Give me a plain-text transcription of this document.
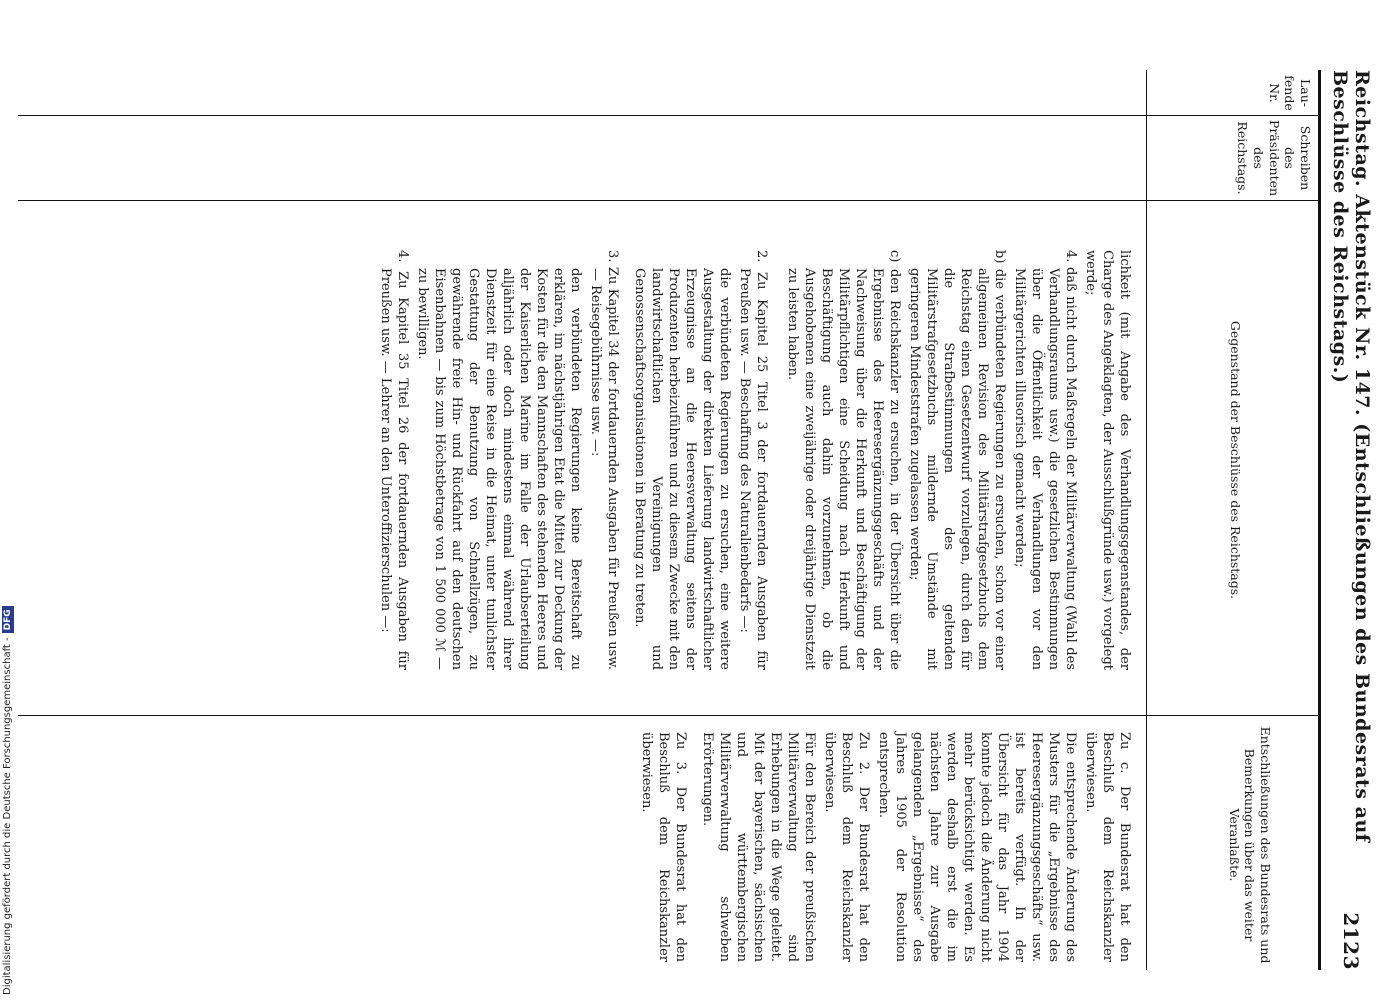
Reichstag. Aktenstück Nr. 147. (Entschließungen des Bundesrats auf Beschlüsse des Reichstags.)
2123
Lau-fende Nr.
Schreiben des Präsidenten des Reichstags.
Gegenstand der Beschlüsse des Reichstags.
Entschließungen des Bundesrats und Bemerkungen über das weiter Veranlaßte.

lichkeit (mit Angabe des Verhandlungsgegenstandes, der Charge des Angeklagten, der Ausschlußgründe usw.) vorgelegt werde;

4. daß nicht durch Maßregeln der Militärverwaltung (Wahl des Verhandlungsraums usw.) die gesetzlichen Bestimmungen über die Öffentlichkeit der Verhandlungen vor den Militärgerichten illusorisch gemacht werden;

b) die verbündeten Regierungen zu ersuchen, schon vor einer allgemeinen Revision des Militärstrafgesetzbuchs dem Reichstag einen Gesetzentwurf vorzulegen, durch den für die Strafbestimmungen des geltenden Militärstrafgesetzbuchs mildernde Umstände mit geringeren Mindeststrafen zugelassen werden;

c) den Reichskanzler zu ersuchen, in der Übersicht über die Ergebnisse des Heeresergänzungsgeschäfts und der Nachweisung über die Herkunft und Beschäftigung der Militärpflichtigen eine Scheidung nach Herkunft und Beschäftigung auch dahin vorzunehmen, ob die Ausgehobenen eine zweijährige oder dreijährige Dienstzeit zu leisten haben.

2. Zu Kapitel 25 Titel 3 der fortdauernden Ausgaben für Preußen usw. — Beschaffung des Naturalienbedarfs —:

die verbündeten Regierungen zu ersuchen, eine weitere Ausgestaltung der direkten Lieferung landwirtschaftlicher Erzeugnisse an die Heeresverwaltung seitens der Produzenten herbeizuführen und zu diesem Zwecke mit den landwirtschaftlichen Vereinigungen und Genossenschaftsorganisationen in Beratung zu treten.

3. Zu Kapitel 34 der fortdauernden Ausgaben für Preußen usw. — Reisegebührnisse usw. —:

den verbündeten Regierungen keine Bereitschaft zu erklären, im nächstjährigen Etat die Mittel zur Deckung der Kosten für die den Mannschaften des stehenden Heeres und der Kaiserlichen Marine im Falle der Urlaubserteilung alljährlich oder doch mindestens einmal während ihrer Dienstzeit für eine Reise in die Heimat, unter tunlichster Gestattung der Benutzung von Schnellzügen, zu gewährende freie Hin- und Rückfahrt auf den deutschen Eisenbahnen — bis zum Höchstbetrage von 1 500 000 ℳ — zu bewilligen.

4. Zu Kapitel 35 Titel 26 der fortdauernden Ausgaben für Preußen usw. — Lehrer an den Unteroffizierschulen —:

Zu c. Der Bundesrat hat den Beschluß dem Reichskanzler überwiesen.

Die entsprechende Änderung des Musters für die „Ergebnisse des Heeresergänzungsgeschäfts“ usw. ist bereits verfügt. In der Übersicht für das Jahr 1904 konnte jedoch die Änderung nicht mehr berücksichtigt werden. Es werden deshalb erst die im nächsten Jahre zur Ausgabe gelangenden „Ergebnisse“ des Jahres 1905 der Resolution entsprechen.

Zu 2. Der Bundesrat hat den Beschluß dem Reichskanzler überwiesen.

Für den Bereich der preußischen Militärverwaltung sind Erhebungen in die Wege geleitet. Mit der bayerischen, sächsischen und württembergischen Militärverwaltung schweben Erörterungen.

Zu 3. Der Bundesrat hat den Beschluß dem Reichskanzler überwiesen.

Digitalisierung gefördert durch die Deutsche Forschungsgemeinschaft -DFG
